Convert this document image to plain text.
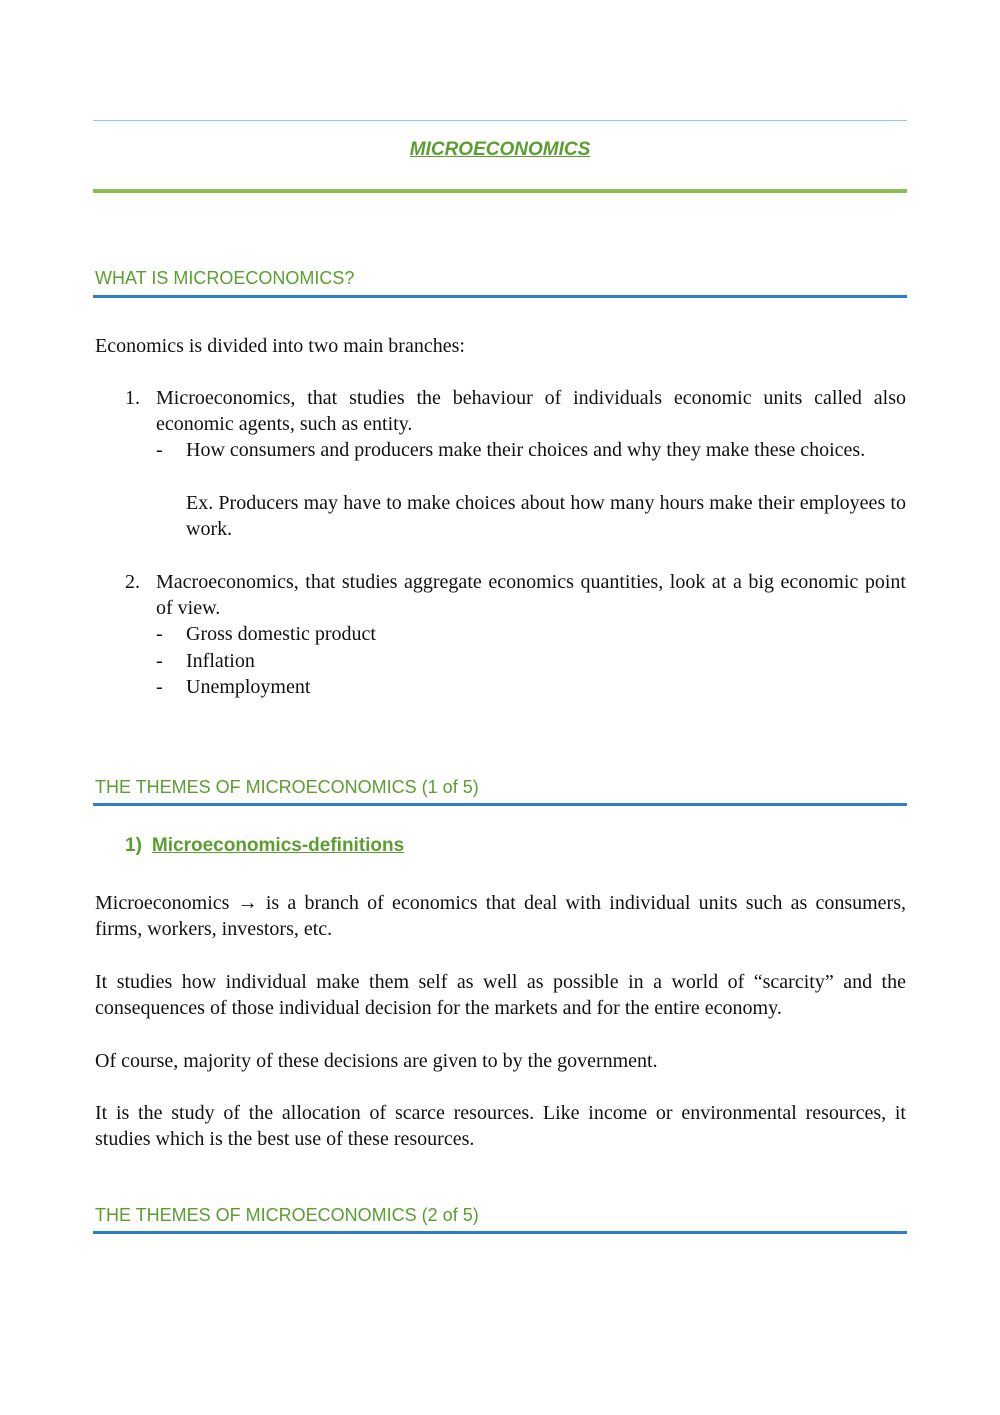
MICROECONOMICS
WHAT IS MICROECONOMICS?
Economics is divided into two main branches:
1. Microeconomics, that studies the behaviour of individuals economic units called also economic agents, such as entity.
- How consumers and producers make their choices and why they make these choices.
Ex. Producers may have to make choices about how many hours make their employees to work.
2. Macroeconomics, that studies aggregate economics quantities, look at a big economic point of view.
- Gross domestic product
- Inflation
- Unemployment
THE THEMES OF MICROECONOMICS (1 of 5)
1) Microeconomics-definitions
Microeconomics → is a branch of economics that deal with individual units such as consumers, firms, workers, investors, etc.
It studies how individual make them self as well as possible in a world of “scarcity” and the consequences of those individual decision for the markets and for the entire economy.
Of course, majority of these decisions are given to by the government.
It is the study of the allocation of scarce resources. Like income or environmental resources, it studies which is the best use of these resources.
THE THEMES OF MICROECONOMICS (2 of 5)
